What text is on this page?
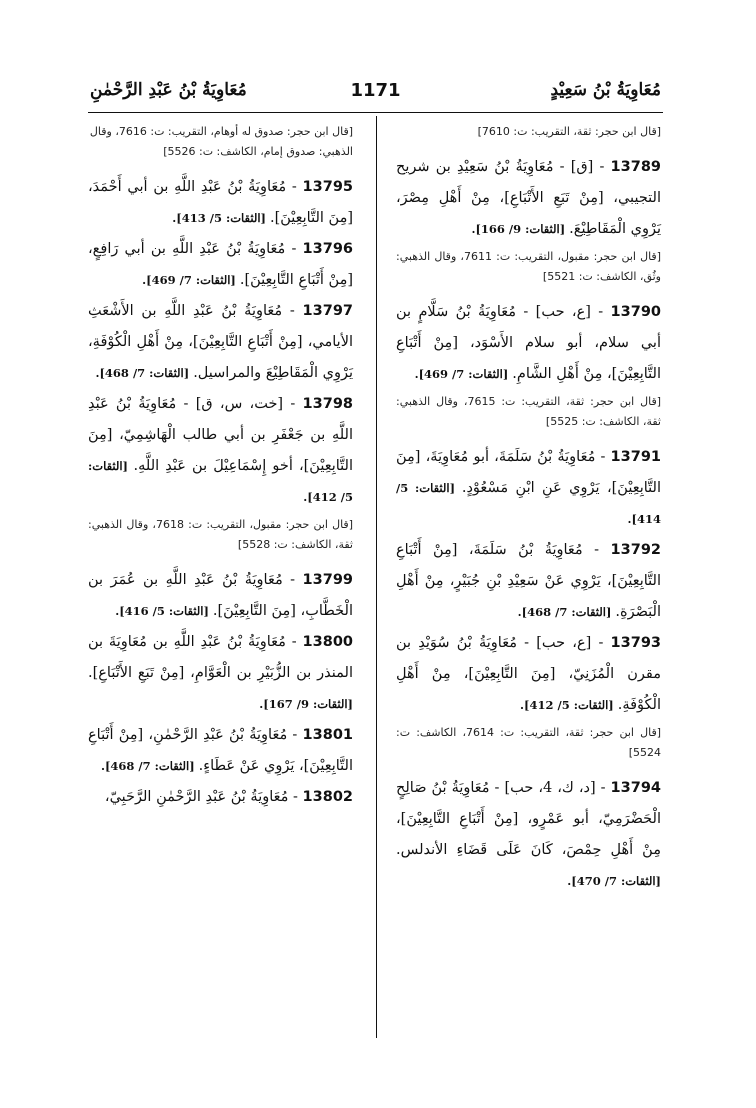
مُعَاوِيَةُ بْنُ سَعِيْدٍ
1171
مُعَاوِيَةُ بْنُ عَبْدِ الرَّحْمٰنِ
[قال ابن حجر: ثقة، التقريب: ت: 7610]
13789 - [ق] - مُعَاوِيَةُ بْنُ سَعِيْدِ بن شريح التجيبي، [مِنْ تَبَعِ الأَتْبَاعِ]، مِنْ أَهْلِ مِصْرَ، يَرْوِي الْمَقَاطِيْعَ. [الثقات: 9/ 166].
[قال ابن حجر: مقبول، التقريب: ت: 7611، وقال الذهبي: وثُق، الكاشف: ت: 5521]
13790 - [ع، حب] - مُعَاوِيَةُ بْنُ سَلَّامٍ بن أبي سلام، أبو سلام الأَسْوَد، [مِنْ أَتْبَاعِ التَّابِعِيْنَ]، مِنْ أَهْلِ الشَّامِ. [الثقات: 7/ 469].
[قال ابن حجر: ثقة، التقريب: ت: 7615، وقال الذهبي: ثقة، الكاشف: ت: 5525]
13791 - مُعَاوِيَةُ بْنُ سَلَمَةَ، أبو مُعَاوِيَةَ، [مِنَ التَّابِعِيْنَ]، يَرْوِي عَنِ ابْنِ مَسْعُوْدٍ. [الثقات: 5/ 414].
13792 - مُعَاوِيَةُ بْنُ سَلَمَةَ، [مِنْ أَتْبَاعِ التَّابِعِيْنَ]، يَرْوِي عَنْ سَعِيْدِ بْنِ جُبَيْرٍ، مِنْ أَهْلِ الْبَصْرَةِ. [الثقات: 7/ 468].
13793 - [ع، حب] - مُعَاوِيَةُ بْنُ سُوَيْدِ بن مقرن الْمُزَنِيّ، [مِنَ التَّابِعِيْنَ]، مِنْ أَهْلِ الْكُوْفَةِ. [الثقات: 5/ 412].
[قال ابن حجر: ثقة، التقريب: ت: 7614، الكاشف: ت: 5524]
13794 - [د، ك، 4، حب] - مُعَاوِيَةُ بْنُ صَالِحٍ الْحَضْرَمِيّ، أبو عَمْرٍو، [مِنْ أَتْبَاعِ التَّابِعِيْنَ]، مِنْ أَهْلِ حِمْصَ، كَانَ عَلَى قَضَاءِ الأندلس. [الثقات: 7/ 470].
[قال ابن حجر: صدوق له أوهام، التقريب: ت: 7616، وقال الذهبي: صدوق إمام، الكاشف: ت: 5526]
13795 - مُعَاوِيَةُ بْنُ عَبْدِ اللَّهِ بن أبي أَحْمَدَ، [مِنَ التَّابِعِيْنَ]. [الثقات: 5/ 413].
13796 - مُعَاوِيَةُ بْنُ عَبْدِ اللَّهِ بن أبي رَافِعٍ، [مِنْ أَتْبَاعِ التَّابِعِيْنَ]. [الثقات: 7/ 469].
13797 - مُعَاوِيَةُ بْنُ عَبْدِ اللَّهِ بن الأَشْعَثِ الأيامي، [مِنْ أَتْبَاعِ التَّابِعِيْنَ]، مِنْ أَهْلِ الْكُوْفَةِ، يَرْوِي الْمَقَاطِيْعَ والمراسيل. [الثقات: 7/ 468].
13798 - [خت، س، ق] - مُعَاوِيَةُ بْنُ عَبْدِ اللَّهِ بن جَعْفَرِ بن أبي طالب الْهَاشِمِيّ، [مِنَ التَّابِعِيْنَ]، أخو إِسْمَاعِيْلَ بن عَبْدِ اللَّهِ. [الثقات: 5/ 412].
[قال ابن حجر: مقبول، التقريب: ت: 7618، وقال الذهبي: ثقة، الكاشف: ت: 5528]
13799 - مُعَاوِيَةُ بْنُ عَبْدِ اللَّهِ بن عُمَرَ بن الْخَطَّابِ، [مِنَ التَّابِعِيْنَ]. [الثقات: 5/ 416].
13800 - مُعَاوِيَةُ بْنُ عَبْدِ اللَّهِ بن مُعَاوِيَةَ بن المنذر بن الزُّبَيْرِ بن الْعَوَّامِ، [مِنْ تَبَعِ الأَتْبَاعِ]. [الثقات: 9/ 167].
13801 - مُعَاوِيَةُ بْنُ عَبْدِ الرَّحْمٰنِ، [مِنْ أَتْبَاعِ التَّابِعِيْنَ]، يَرْوِي عَنْ عَطَاءٍ. [الثقات: 7/ 468].
13802 - مُعَاوِيَةُ بْنُ عَبْدِ الرَّحْمٰنِ الرَّحَبِيّ،
